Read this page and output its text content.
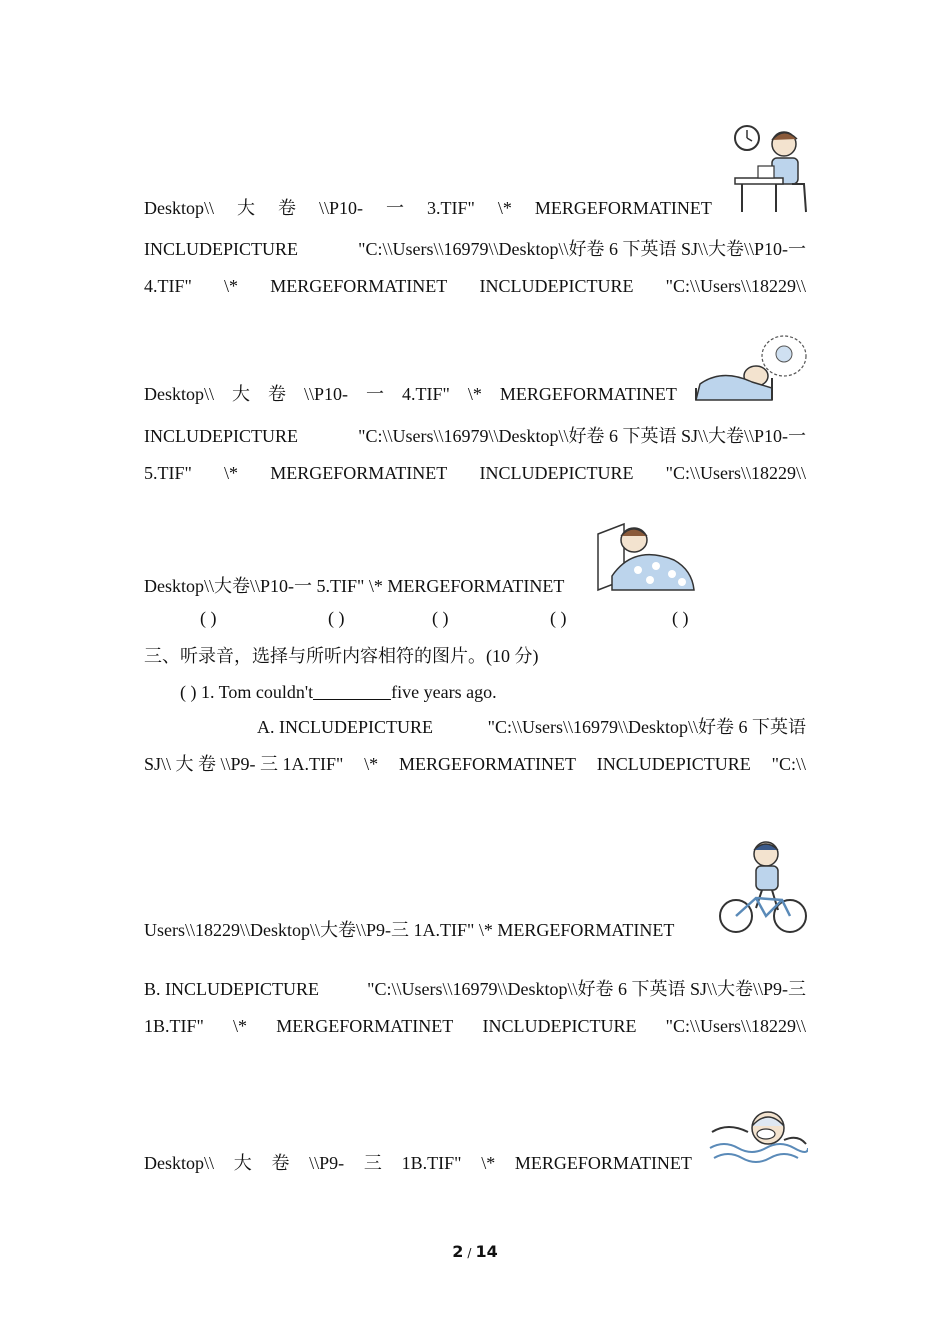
Desktop\\ 大 卷 \\P10- 一 3.TIF" \* MERGEFORMATINET
INCLUDEPICTURE	"C:\\Users\\16979\\Desktop\\好卷 6 下英语 SJ\\大卷\\P10-一
4.TIF" \* MERGEFORMATINET INCLUDEPICTURE "C:\\Users\\18229\\
Desktop\\ 大 卷 \\P10- 一 4.TIF" \* MERGEFORMATINET
INCLUDEPICTURE	"C:\\Users\\16979\\Desktop\\好卷 6 下英语 SJ\\大卷\\P10-一
5.TIF" \* MERGEFORMATINET INCLUDEPICTURE "C:\\Users\\18229\\
Desktop\\大卷\\P10-一 5.TIF" \* MERGEFORMATINET
( )	( )	( )	( )	( )
三、听录音，选择与所听内容相符的图片。(10 分)
( ) 1. Tom couldn't	five years ago.
A. INCLUDEPICTURE	"C:\\Users\\16979\\Desktop\\好卷 6 下英语
SJ\\ 大 卷 \\P9- 三 1A.TIF" \* MERGEFORMATINET INCLUDEPICTURE "C:\\
Users\\18229\\Desktop\\大卷\\P9-三 1A.TIF" \* MERGEFORMATINET
B. INCLUDEPICTURE	"C:\\Users\\16979\\Desktop\\好卷 6 下英语 SJ\\大卷\\P9-三
1B.TIF" \* MERGEFORMATINET INCLUDEPICTURE "C:\\Users\\18229\\
Desktop\\ 大 卷 \\P9- 三 1B.TIF" \* MERGEFORMATINET
2 / 14
